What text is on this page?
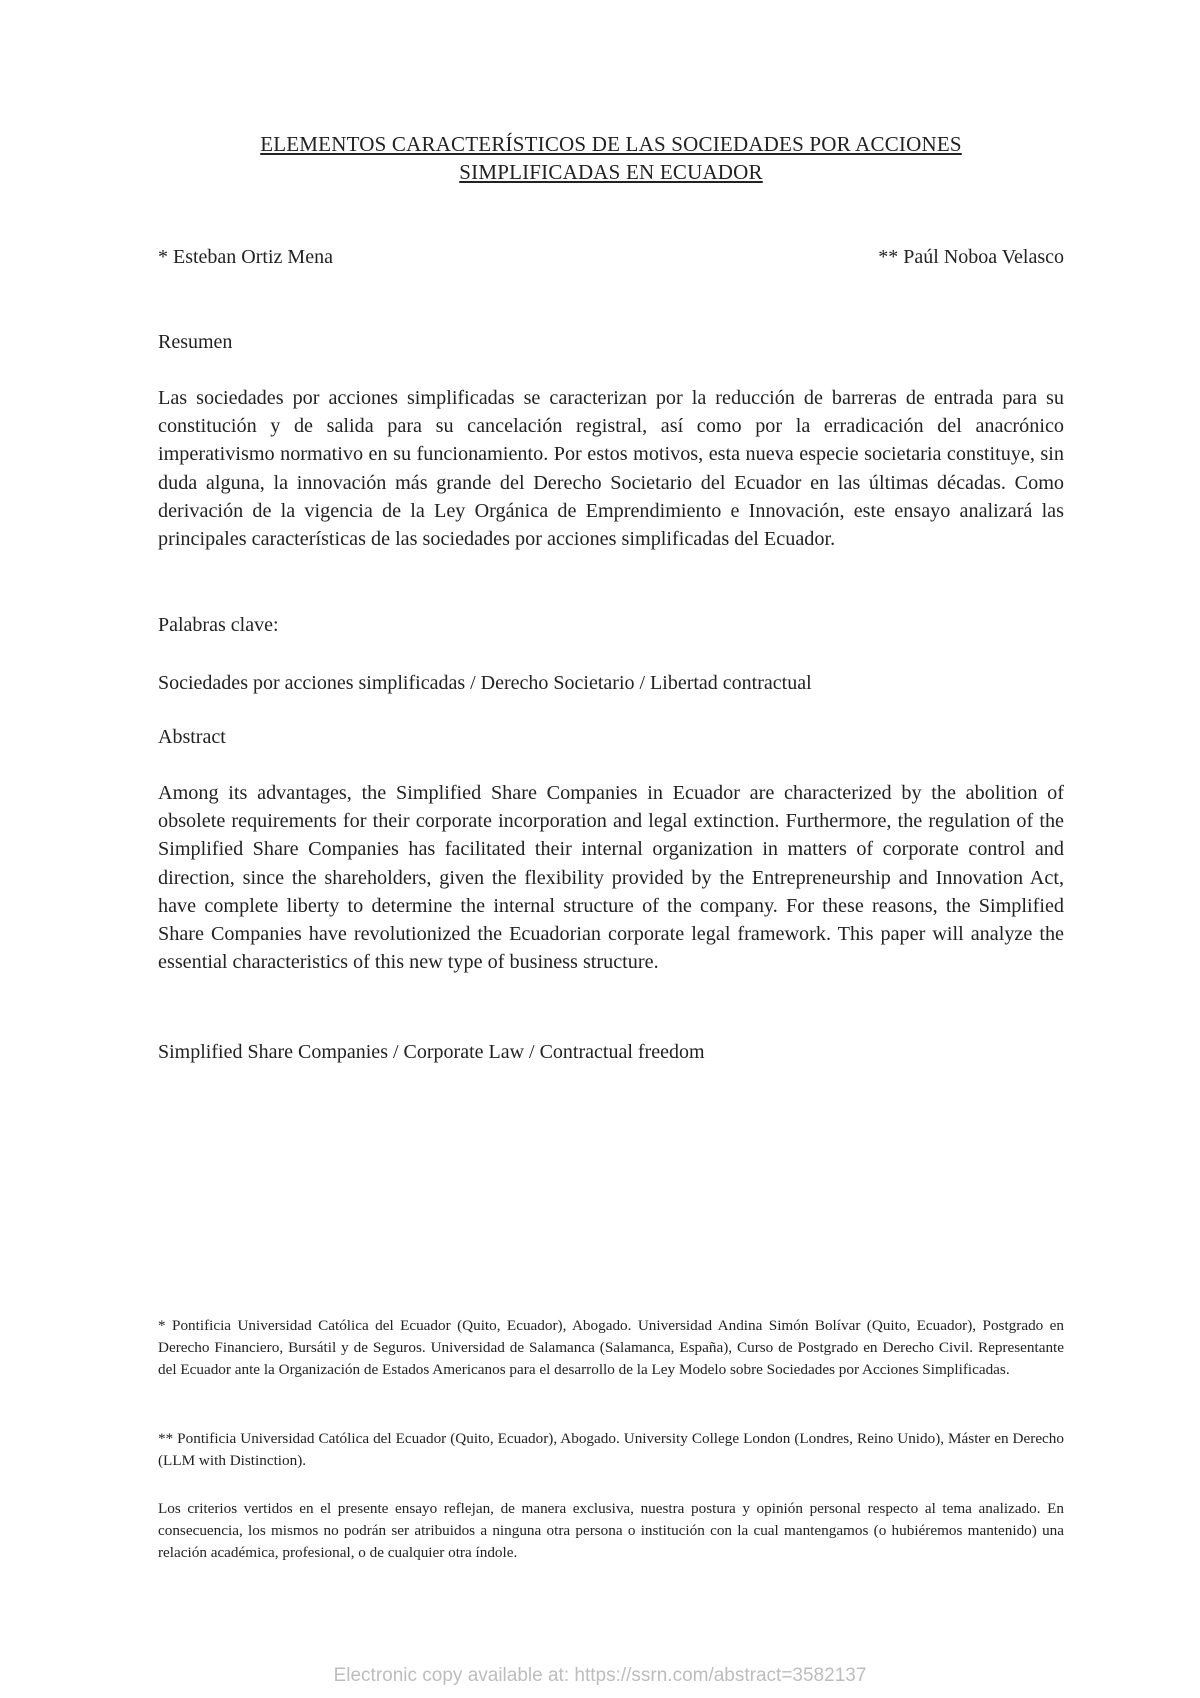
ELEMENTOS CARACTERÍSTICOS DE LAS SOCIEDADES POR ACCIONES
SIMPLIFICADAS EN ECUADOR
* Esteban Ortiz Mena	** Paúl Noboa Velasco
Resumen
Las sociedades por acciones simplificadas se caracterizan por la reducción de barreras de entrada para su constitución y de salida para su cancelación registral, así como por la erradicación del anacrónico imperativismo normativo en su funcionamiento. Por estos motivos, esta nueva especie societaria constituye, sin duda alguna, la innovación más grande del Derecho Societario del Ecuador en las últimas décadas. Como derivación de la vigencia de la Ley Orgánica de Emprendimiento e Innovación, este ensayo analizará las principales características de las sociedades por acciones simplificadas del Ecuador.
Palabras clave:
Sociedades por acciones simplificadas / Derecho Societario / Libertad contractual
Abstract
Among its advantages, the Simplified Share Companies in Ecuador are characterized by the abolition of obsolete requirements for their corporate incorporation and legal extinction. Furthermore, the regulation of the Simplified Share Companies has facilitated their internal organization in matters of corporate control and direction, since the shareholders, given the flexibility provided by the Entrepreneurship and Innovation Act, have complete liberty to determine the internal structure of the company. For these reasons, the Simplified Share Companies have revolutionized the Ecuadorian corporate legal framework. This paper will analyze the essential characteristics of this new type of business structure.
Simplified Share Companies / Corporate Law / Contractual freedom
* Pontificia Universidad Católica del Ecuador (Quito, Ecuador), Abogado. Universidad Andina Simón Bolívar (Quito, Ecuador), Postgrado en Derecho Financiero, Bursátil y de Seguros. Universidad de Salamanca (Salamanca, España), Curso de Postgrado en Derecho Civil. Representante del Ecuador ante la Organización de Estados Americanos para el desarrollo de la Ley Modelo sobre Sociedades por Acciones Simplificadas.
** Pontificia Universidad Católica del Ecuador (Quito, Ecuador), Abogado. University College London (Londres, Reino Unido), Máster en Derecho (LLM with Distinction).
Los criterios vertidos en el presente ensayo reflejan, de manera exclusiva, nuestra postura y opinión personal respecto al tema analizado. En consecuencia, los mismos no podrán ser atribuidos a ninguna otra persona o institución con la cual mantengamos (o hubiéremos mantenido) una relación académica, profesional, o de cualquier otra índole.
Electronic copy available at: https://ssrn.com/abstract=3582137
